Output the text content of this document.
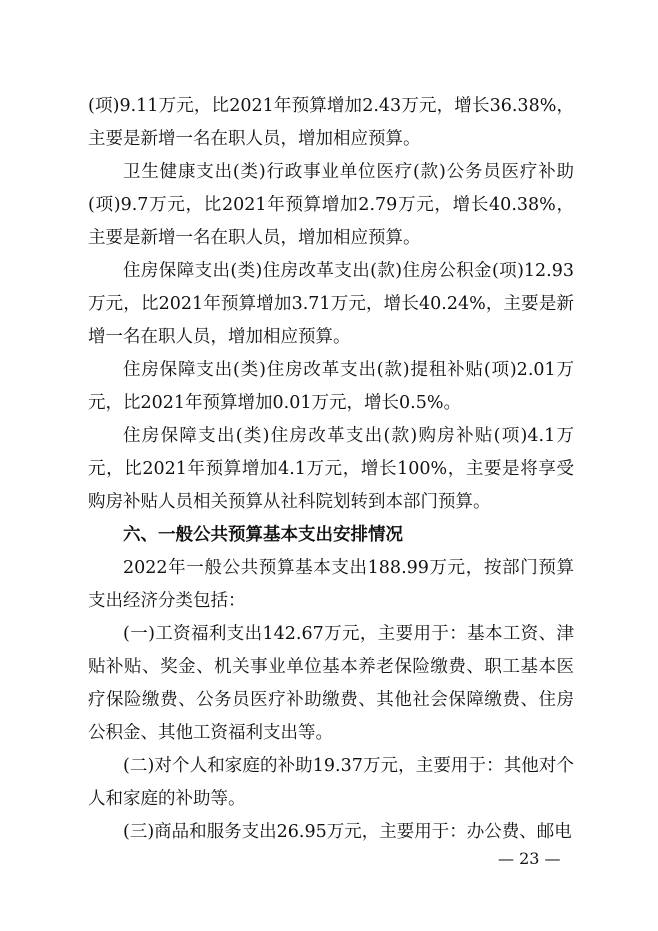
(项)9.11万元，比2021年预算增加2.43万元，增长36.38%，主要是新增一名在职人员，增加相应预算。

卫生健康支出(类)行政事业单位医疗(款)公务员医疗补助(项)9.7万元，比2021年预算增加2.79万元，增长40.38%，主要是新增一名在职人员，增加相应预算。

住房保障支出(类)住房改革支出(款)住房公积金(项)12.93万元，比2021年预算增加3.71万元，增长40.24%，主要是新增一名在职人员，增加相应预算。

住房保障支出(类)住房改革支出(款)提租补贴(项)2.01万元，比2021年预算增加0.01万元，增长0.5%。

住房保障支出(类)住房改革支出(款)购房补贴(项)4.1万元，比2021年预算增加4.1万元，增长100%，主要是将享受购房补贴人员相关预算从社科院划转到本部门预算。

六、一般公共预算基本支出安排情况

2022年一般公共预算基本支出188.99万元，按部门预算支出经济分类包括：

(一)工资福利支出142.67万元，主要用于：基本工资、津贴补贴、奖金、机关事业单位基本养老保险缴费、职工基本医疗保险缴费、公务员医疗补助缴费、其他社会保障缴费、住房公积金、其他工资福利支出等。

(二)对个人和家庭的补助19.37万元，主要用于：其他对个人和家庭的补助等。

(三)商品和服务支出26.95万元，主要用于：办公费、邮电

— 23 —
